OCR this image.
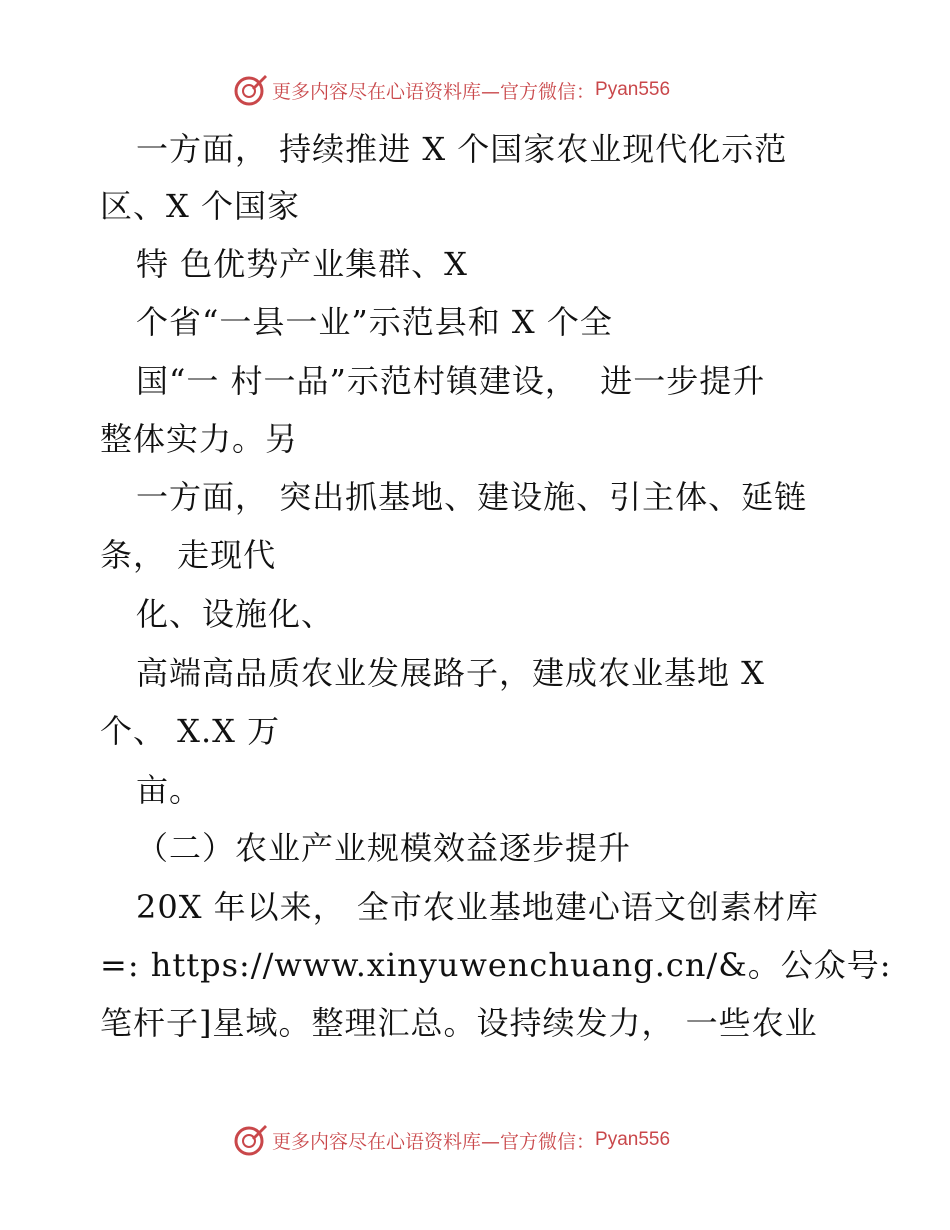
更多内容尽在心语资料库—官方微信： Pyan556
一方面， 持续推进 X 个国家农业现代化示范
区、X 个国家
特 色优势产业集群、X
个省“一县一业”示范县和 X 个全
国“一 村一品”示范村镇建设，  进一步提升
整体实力。另
一方面， 突出抓基地、建设施、引主体、延链
条， 走现代
化、设施化、
高端高品质农业发展路子，建成农业基地 X
个、 X.X 万
亩。
（二）农业产业规模效益逐步提升
20X 年以来， 全市农业基地建心语文创素材库
=: https://www.xinyuwenchuang.cn/&。公众号:
笔杆子]星域。整理汇总。设持续发力， 一些农业
更多内容尽在心语资料库—官方微信： Pyan556
